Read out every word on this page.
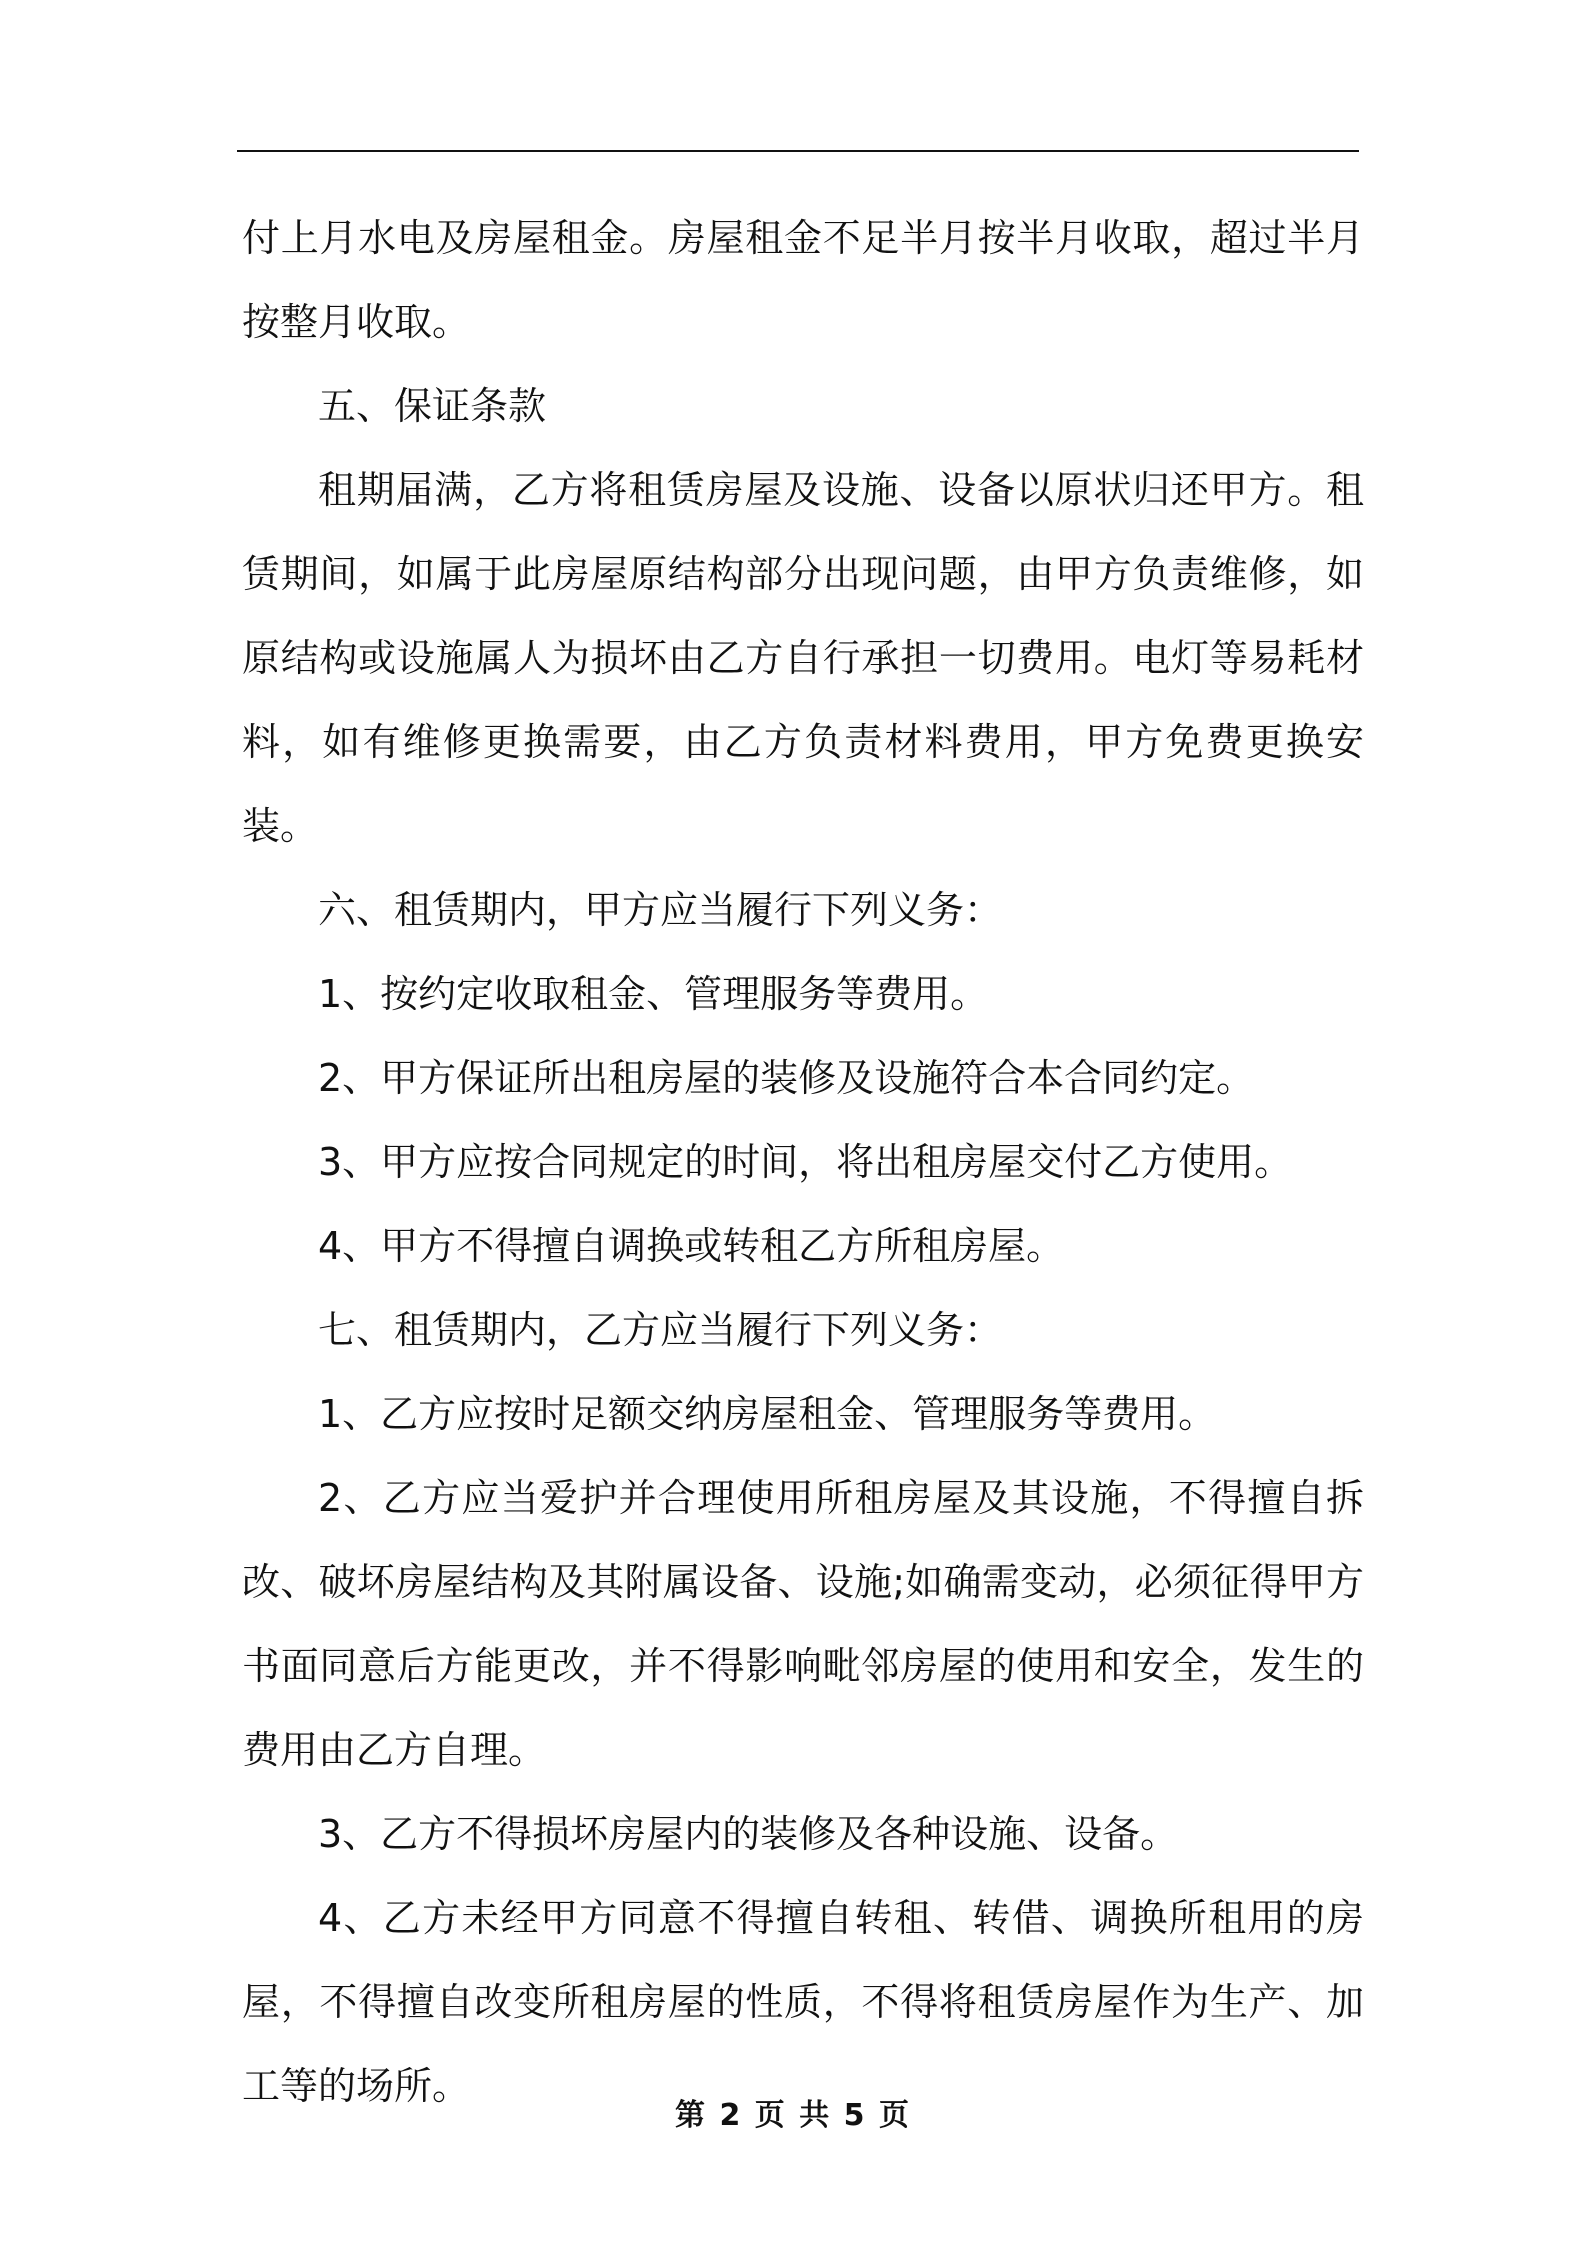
付上月水电及房屋租金。房屋租金不足半月按半月收取，超过半月按整月收取。

五、保证条款

租期届满，乙方将租赁房屋及设施、设备以原状归还甲方。租赁期间，如属于此房屋原结构部分出现问题，由甲方负责维修，如原结构或设施属人为损坏由乙方自行承担一切费用。电灯等易耗材料，如有维修更换需要，由乙方负责材料费用，甲方免费更换安装。

六、租赁期内，甲方应当履行下列义务：

1、按约定收取租金、管理服务等费用。

2、甲方保证所出租房屋的装修及设施符合本合同约定。

3、甲方应按合同规定的时间，将出租房屋交付乙方使用。

4、甲方不得擅自调换或转租乙方所租房屋。

七、租赁期内，乙方应当履行下列义务：

1、乙方应按时足额交纳房屋租金、管理服务等费用。

2、乙方应当爱护并合理使用所租房屋及其设施，不得擅自拆改、破坏房屋结构及其附属设备、设施;如确需变动，必须征得甲方书面同意后方能更改，并不得影响毗邻房屋的使用和安全，发生的费用由乙方自理。

3、乙方不得损坏房屋内的装修及各种设施、设备。

4、乙方未经甲方同意不得擅自转租、转借、调换所租用的房屋，不得擅自改变所租房屋的性质，不得将租赁房屋作为生产、加工等的场所。

第 2 页 共 5 页
